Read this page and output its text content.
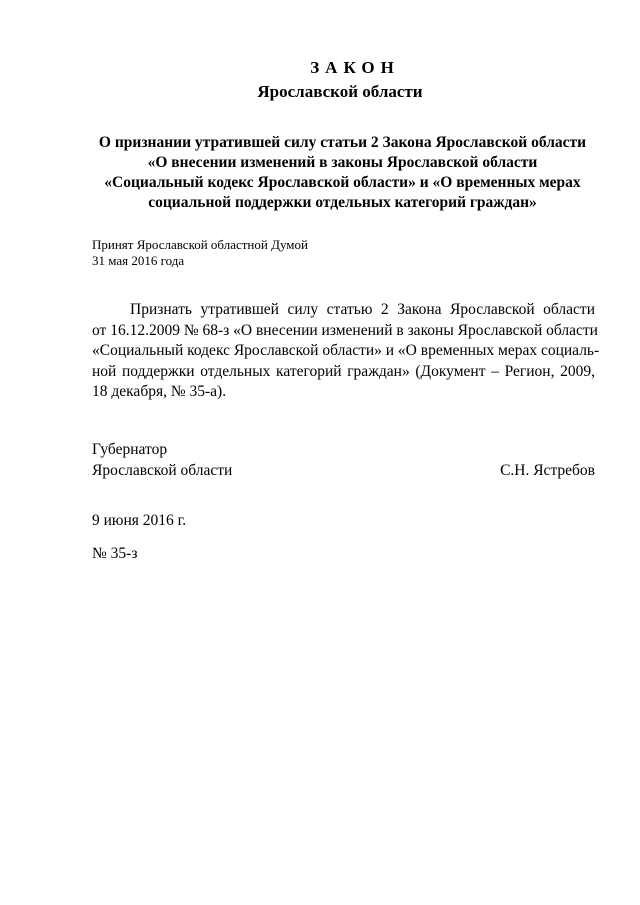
ЗАКОН
Ярославской области
О признании утратившей силу статьи 2 Закона Ярославской области
«О внесении изменений в законы Ярославской области
«Социальный кодекс Ярославской области» и «О временных мерах
социальной поддержки отдельных категорий граждан»
Принят Ярославской областной Думой
31 мая 2016 года
Признать утратившей силу статью 2 Закона Ярославской области
от 16.12.2009 № 68-з «О внесении изменений в законы Ярославской области
«Социальный кодекс Ярославской области» и «О временных мерах социаль-
ной поддержки отдельных категорий граждан» (Документ – Регион, 2009,
18 декабря, № 35-а).
Губернатор
Ярославской области	С.Н. Ястребов
9 июня 2016 г.
№ 35-з
